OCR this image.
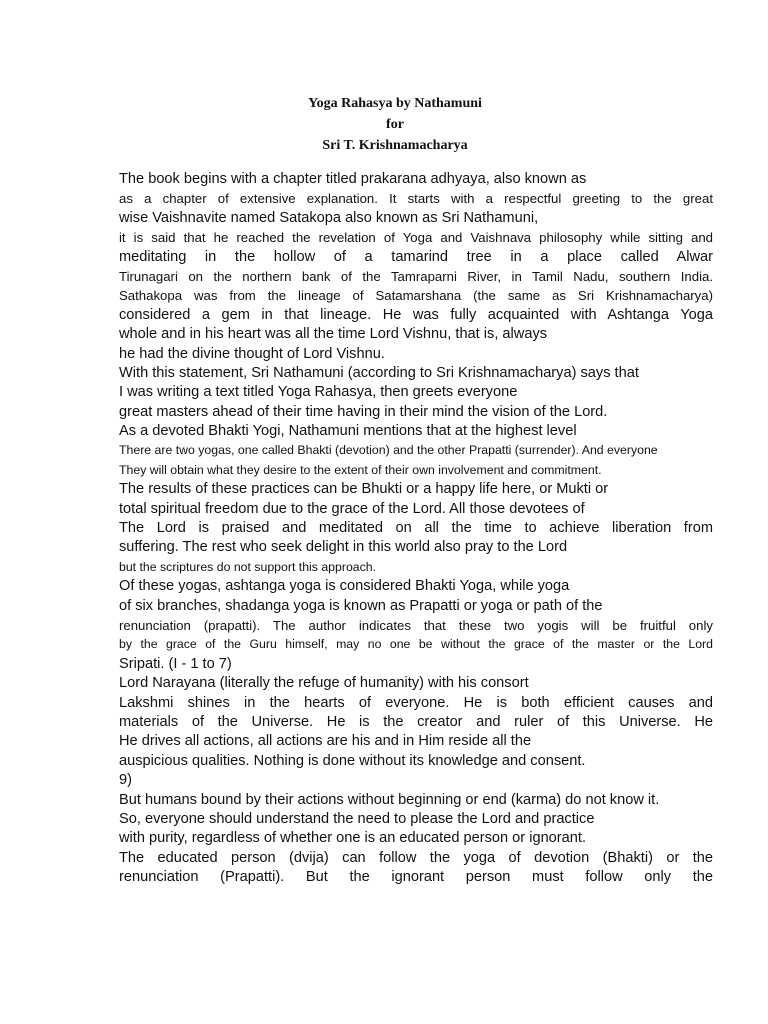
Yoga Rahasya by Nathamuni
for
Sri T. Krishnamacharya
The book begins with a chapter titled prakarana adhyaya, also known as
as a chapter of extensive explanation. It starts with a respectful greeting to the great
wise Vaishnavite named Satakopa also known as Sri Nathamuni,
it is said that he reached the revelation of Yoga and Vaishnava philosophy while sitting and
meditating in the hollow of a tamarind tree in a place called Alwar
Tirunagari on the northern bank of the Tamraparni River, in Tamil Nadu, southern India.
Sathakopa was from the lineage of Satamarshana (the same as Sri Krishnamacharya)
considered a gem in that lineage. He was fully acquainted with Ashtanga Yoga
whole and in his heart was all the time Lord Vishnu, that is, always
he had the divine thought of Lord Vishnu.
With this statement, Sri Nathamuni (according to Sri Krishnamacharya) says that
I was writing a text titled Yoga Rahasya, then greets everyone
great masters ahead of their time having in their mind the vision of the Lord.
As a devoted Bhakti Yogi, Nathamuni mentions that at the highest level
There are two yogas, one called Bhakti (devotion) and the other Prapatti (surrender). And everyone
They will obtain what they desire to the extent of their own involvement and commitment.
The results of these practices can be Bhukti or a happy life here, or Mukti or
total spiritual freedom due to the grace of the Lord. All those devotees of
The Lord is praised and meditated on all the time to achieve liberation from
suffering. The rest who seek delight in this world also pray to the Lord
but the scriptures do not support this approach.
Of these yogas, ashtanga yoga is considered Bhakti Yoga, while yoga
of six branches, shadanga yoga is known as Prapatti or yoga or path of the
renunciation (prapatti). The author indicates that these two yogis will be fruitful only
by the grace of the Guru himself, may no one be without the grace of the master or the Lord
Sripati. (I - 1 to 7)
Lord Narayana (literally the refuge of humanity) with his consort
Lakshmi shines in the hearts of everyone. He is both efficient causes and
materials of the Universe. He is the creator and ruler of this Universe. He
He drives all actions, all actions are his and in Him reside all the
auspicious qualities. Nothing is done without its knowledge and consent.
9)
But humans bound by their actions without beginning or end (karma) do not know it.
So, everyone should understand the need to please the Lord and practice
with purity, regardless of whether one is an educated person or ignorant.
The educated person (dvija) can follow the yoga of devotion (Bhakti) or the
renunciation (Prapatti). But the ignorant person must follow only the
